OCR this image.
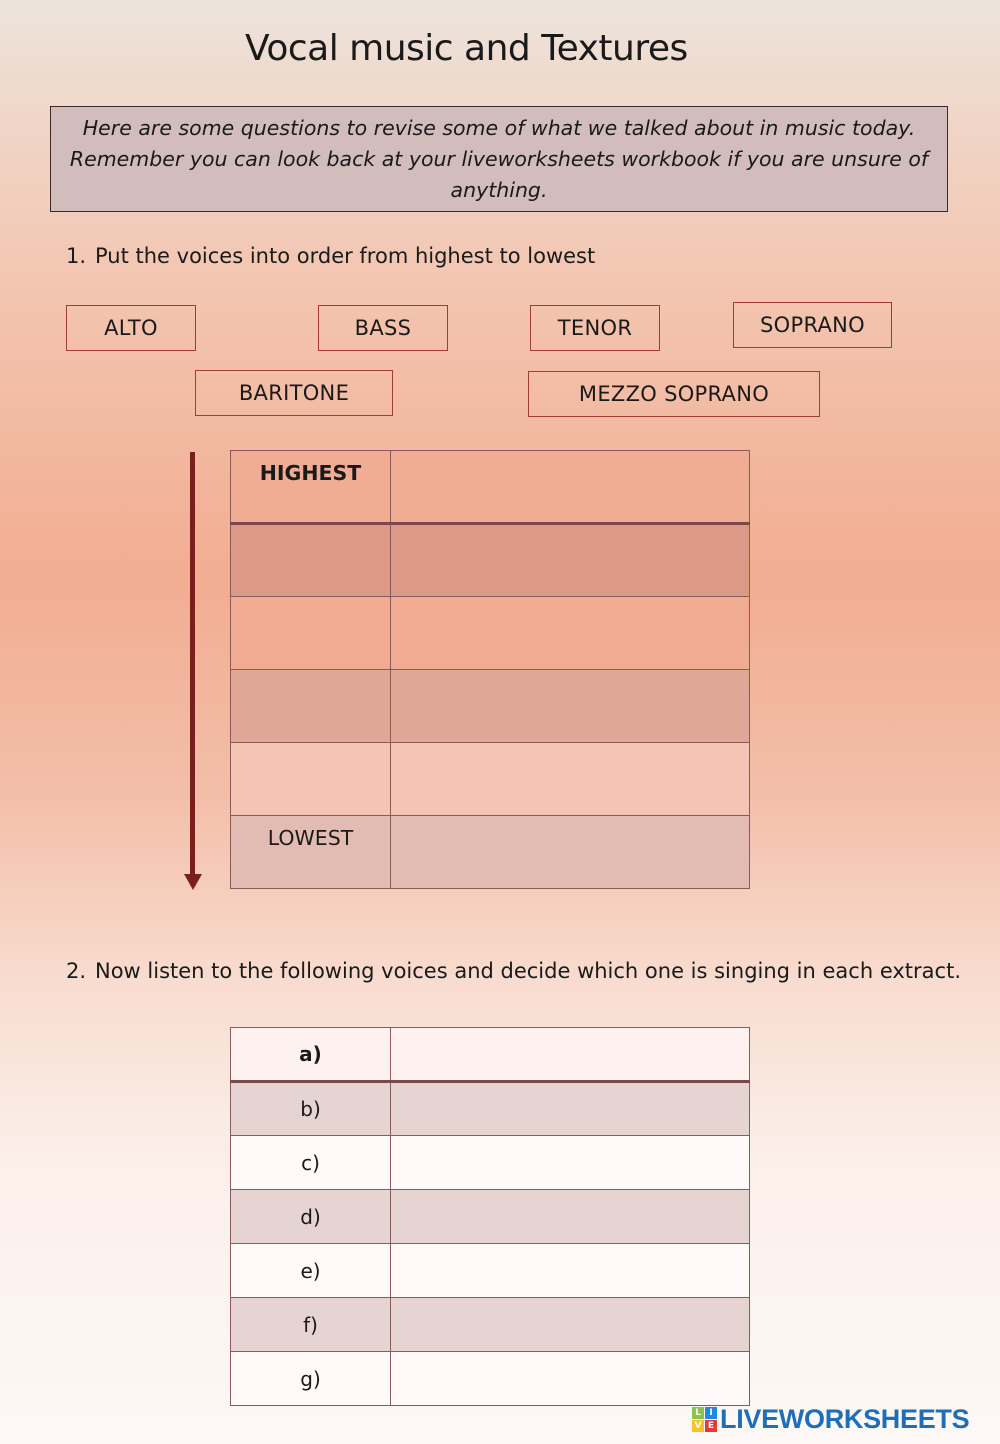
Vocal music and Textures

Here are some questions to revise some of what we talked about in music today. Remember you can look back at your liveworksheets workbook if you are unsure of anything.

1. Put the voices into order from highest to lowest
ALTO	BASS	TENOR	SOPRANO
BARITONE	MEZZO SOPRANO
HIGHEST	

LOWEST	
2. Now listen to the following voices and decide which one is singing in each extract.
a)	
b)	
c)	
d)	
e)	
f)	
g)	
L I
V E LIVEWORKSHEETS
